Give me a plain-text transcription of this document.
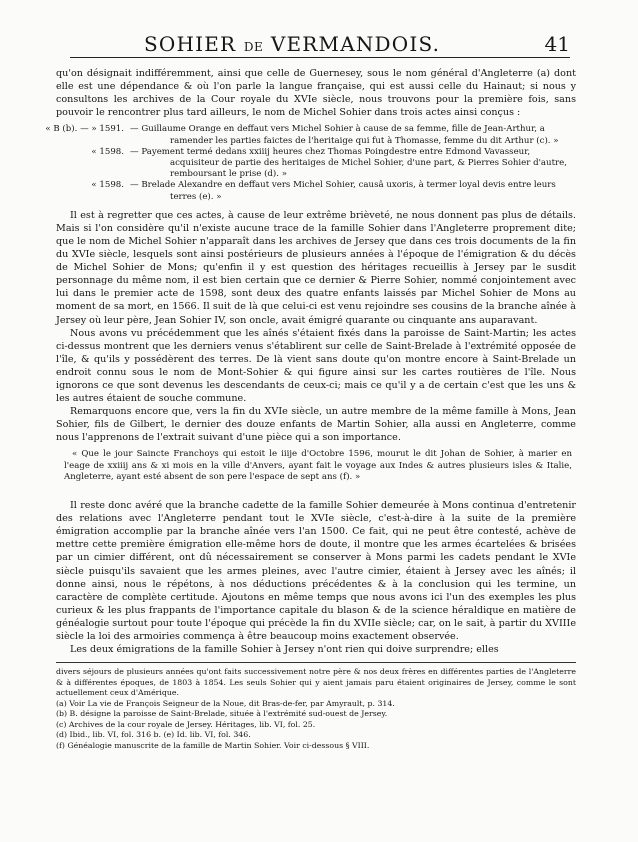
SOHIER DE VERMANDOIS.	41

qu'on désignait indifféremment, ainsi que celle de Guernesey, sous le nom général d'Angleterre (a) dont elle est une dépendance & où l'on parle la langue française, qui est aussi celle du Hainaut; si nous y consultons les archives de la Cour royale du XVIe siècle, nous trouvons pour la première fois, sans pouvoir le rencontrer plus tard ailleurs, le nom de Michel Sohier dans trois actes ainsi conçus :

« B (b). — » 1591. — Guillaume Orange en deffaut vers Michel Sohier à cause de sa femme, fille de Jean-Arthur, a ramender les parties faictes de l'heritaige qui fut à Thomasse, femme du dit Arthur (c). »

« 1598. — Payement termé dedans xxiiij heures chez Thomas Poingdestre entre Edmond Vavasseur, acquisiteur de partie des heritaiges de Michel Sohier, d'une part, & Pierres Sohier d'autre, remboursant le prise (d). »

« 1598. — Brelade Alexandre en deffaut vers Michel Sohier, causâ uxoris, à termer loyal devis entre leurs terres (e). »

Il est à regretter que ces actes, à cause de leur extrême brièveté, ne nous donnent pas plus de détails. Mais si l'on considère qu'il n'existe aucune trace de la famille Sohier dans l'Angleterre proprement dite; que le nom de Michel Sohier n'apparaît dans les archives de Jersey que dans ces trois documents de la fin du XVIe siècle, lesquels sont ainsi postérieurs de plusieurs années à l'époque de l'émigration & du décès de Michel Sohier de Mons; qu'enfin il y est question des héritages recueillis à Jersey par le susdit personnage du même nom, il est bien certain que ce dernier & Pierre Sohier, nommé conjointement avec lui dans le premier acte de 1598, sont deux des quatre enfants laissés par Michel Sohier de Mons au moment de sa mort, en 1566. Il suit de là que celui-ci est venu rejoindre ses cousins de la branche aînée à Jersey où leur père, Jean Sohier IV, son oncle, avait émigré quarante ou cinquante ans auparavant.

Nous avons vu précédemment que les aînés s'étaient fixés dans la paroisse de Saint-Martin; les actes ci-dessus montrent que les derniers venus s'établirent sur celle de Saint-Brelade à l'extrémité opposée de l'île, & qu'ils y possédèrent des terres. De là vient sans doute qu'on montre encore à Saint-Brelade un endroit connu sous le nom de Mont-Sohier & qui figure ainsi sur les cartes routières de l'île. Nous ignorons ce que sont devenus les descendants de ceux-ci; mais ce qu'il y a de certain c'est que les uns & les autres étaient de souche commune.

Remarquons encore que, vers la fin du XVIe siècle, un autre membre de la même famille à Mons, Jean Sohier, fils de Gilbert, le dernier des douze enfants de Martin Sohier, alla aussi en Angleterre, comme nous l'apprenons de l'extrait suivant d'une pièce qui a son importance.

« Que le jour Saincte Franchoys qui estoit le iiije d'Octobre 1596, mourut le dit Johan de Sohier, à marier en l'eage de xxiiij ans & xi mois en la ville d'Anvers, ayant fait le voyage aux Indes & autres plusieurs isles & Italie, Angleterre, ayant esté absent de son pere l'espace de sept ans (f). »

Il reste donc avéré que la branche cadette de la famille Sohier demeurée à Mons continua d'entretenir des relations avec l'Angleterre pendant tout le XVIe siècle, c'est-à-dire à la suite de la première émigration accomplie par la branche aînée vers l'an 1500. Ce fait, qui ne peut être contesté, achève de mettre cette première émigration elle-même hors de doute, il montre que les armes écartelées & brisées par un cimier différent, ont dû nécessairement se conserver à Mons parmi les cadets pendant le XVIe siècle puisqu'ils savaient que les armes pleines, avec l'autre cimier, étaient à Jersey avec les aînés; il donne ainsi, nous le répétons, à nos déductions précédentes & à la conclusion qui les termine, un caractère de complète certitude. Ajoutons en même temps que nous avons ici l'un des exemples les plus curieux & les plus frappants de l'importance capitale du blason & de la science héraldique en matière de généalogie surtout pour toute l'époque qui précède la fin du XVIIe siècle; car, on le sait, à partir du XVIIIe siècle la loi des armoiries commença à être beaucoup moins exactement observée.

Les deux émigrations de la famille Sohier à Jersey n'ont rien qui doive surprendre; elles

divers séjours de plusieurs années qu'ont faits successivement notre père & nos deux frères en différentes parties de l'Angleterre & à différentes époques, de 1803 à 1854. Les seuls Sohier qui y aient jamais paru étaient originaires de Jersey, comme le sont actuellement ceux d'Amérique.

(a) Voir La vie de François Seigneur de la Noue, dit Bras-de-fer, par Amyrault, p. 314.

(b) B. désigne la paroisse de Saint-Brelade, située à l'extrémité sud-ouest de Jersey.

(c) Archives de la cour royale de Jersey. Héritages, lib. VI, fol. 25.

(d) Ibid., lib. VI, fol. 316 b. (e) Id. lib. VI, fol. 346.

(f) Généalogie manuscrite de la famille de Martin Sohier. Voir ci-dessous § VIII.
